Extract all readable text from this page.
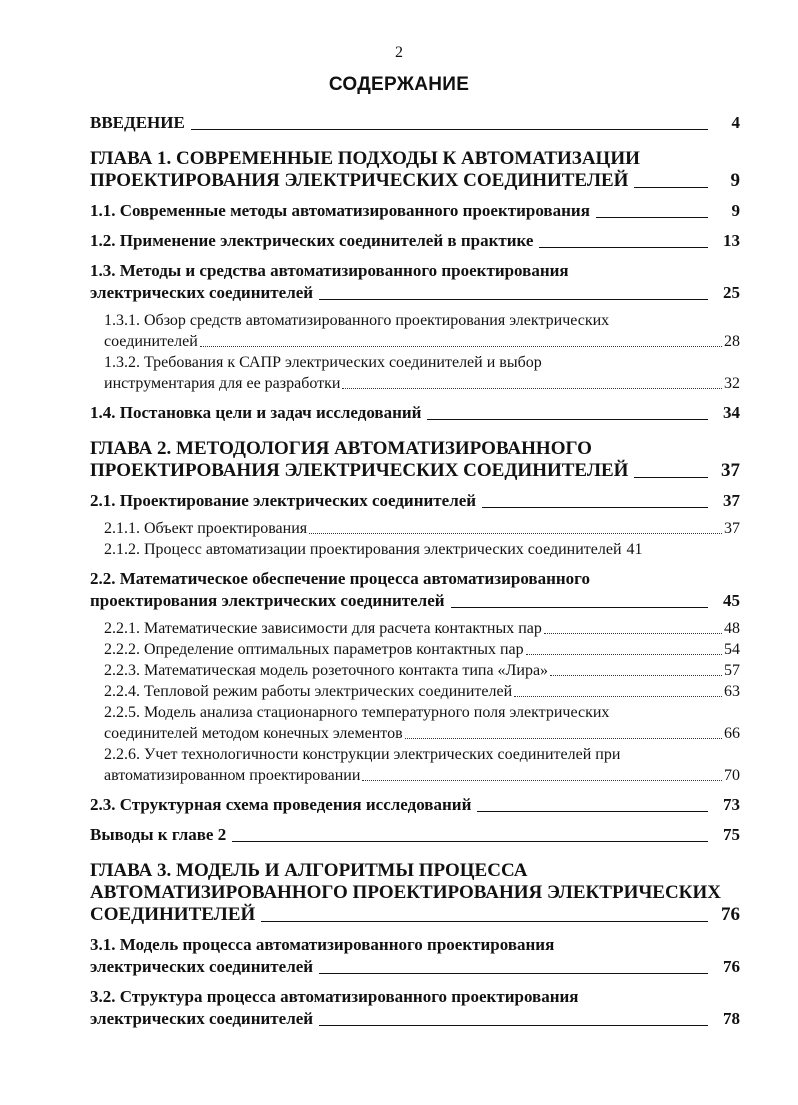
2
СОДЕРЖАНИЕ
ВВЕДЕНИЕ	4
ГЛАВА 1. СОВРЕМЕННЫЕ ПОДХОДЫ К АВТОМАТИЗАЦИИ
ПРОЕКТИРОВАНИЯ ЭЛЕКТРИЧЕСКИХ СОЕДИНИТЕЛЕЙ	9
1.1. Современные методы автоматизированного проектирования	9
1.2. Применение электрических соединителей в практике	13
1.3. Методы и средства автоматизированного проектирования
электрических соединителей	25
1.3.1. Обзор средств автоматизированного проектирования электрических
соединителей	28
1.3.2. Требования к САПР электрических соединителей и выбор
инструментария для ее разработки	32
1.4. Постановка цели и задач исследований	34
ГЛАВА 2. МЕТОДОЛОГИЯ АВТОМАТИЗИРОВАННОГО
ПРОЕКТИРОВАНИЯ ЭЛЕКТРИЧЕСКИХ СОЕДИНИТЕЛЕЙ	37
2.1. Проектирование электрических соединителей	37
2.1.1. Объект проектирования	37
2.1.2. Процесс автоматизации проектирования электрических соединителей 41
2.2. Математическое обеспечение процесса автоматизированного
проектирования электрических соединителей	45
2.2.1. Математические зависимости для расчета контактных пар	48
2.2.2. Определение оптимальных параметров контактных пар	54
2.2.3. Математическая модель розеточного контакта типа «Лира»	57
2.2.4. Тепловой режим работы электрических соединителей	63
2.2.5. Модель анализа стационарного температурного поля электрических
соединителей методом конечных элементов	66
2.2.6. Учет технологичности конструкции электрических соединителей при
автоматизированном проектировании	70
2.3. Структурная схема проведения исследований	73
Выводы к главе 2	75
ГЛАВА 3. МОДЕЛЬ И АЛГОРИТМЫ ПРОЦЕССА
АВТОМАТИЗИРОВАННОГО ПРОЕКТИРОВАНИЯ ЭЛЕКТРИЧЕСКИХ
СОЕДИНИТЕЛЕЙ	76
3.1. Модель процесса автоматизированного проектирования
электрических соединителей	76
3.2. Структура процесса автоматизированного проектирования
электрических соединителей	78
